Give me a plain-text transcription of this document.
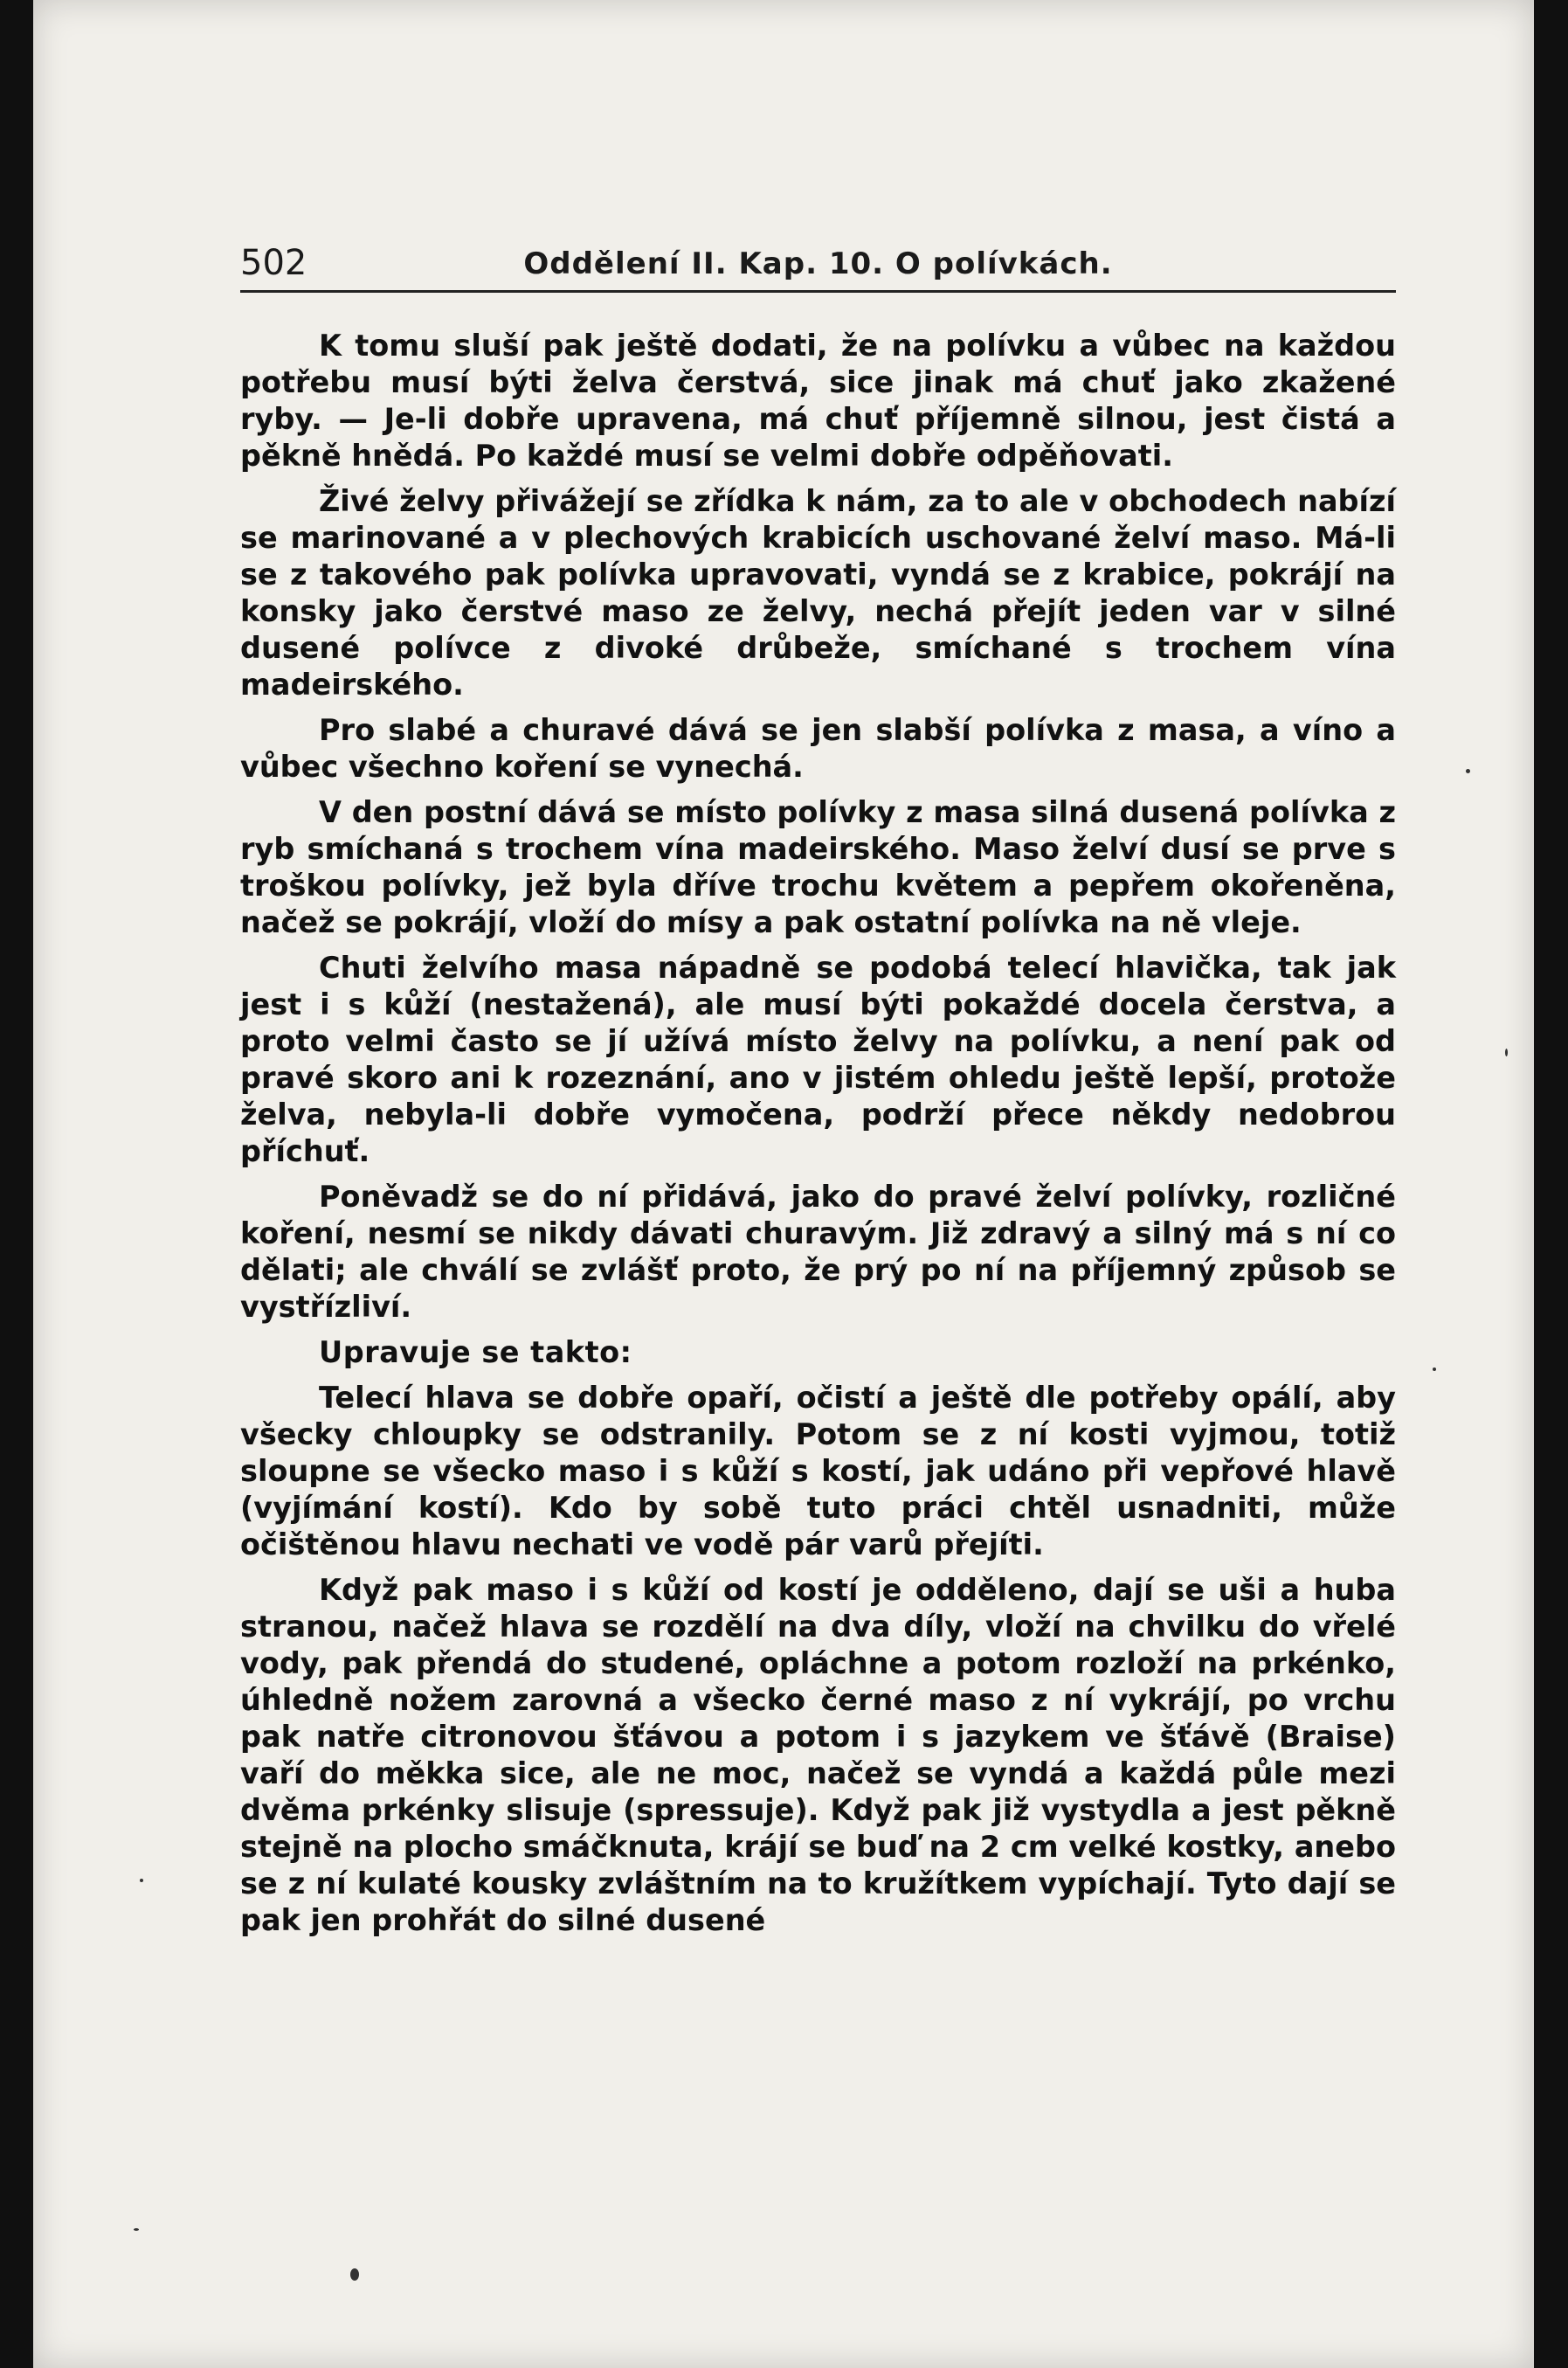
502	Oddělení II. Kap. 10. O polívkách.

K tomu sluší pak ještě dodati, že na polívku a vůbec na každou potřebu musí býti želva čerstvá, sice jinak má chuť jako zkažené ryby. — Je-li dobře upravena, má chuť příjemně silnou, jest čistá a pěkně hnědá. Po každé musí se velmi dobře odpěňovati.

Živé želvy přivážejí se zřídka k nám, za to ale v obchodech nabízí se marinované a v plechových krabicích uschované želví maso. Má-li se z takového pak polívka upravovati, vyndá se z krabice, pokrájí na konsky jako čerstvé maso ze želvy, nechá přejít jeden var v silné dusené polívce z divoké drůbeže, smíchané s trochem vína madeirského.

Pro slabé a churavé dává se jen slabší polívka z masa, a víno a vůbec všechno koření se vynechá.

V den postní dává se místo polívky z masa silná dusená polívka z ryb smíchaná s trochem vína madeirského. Maso želví dusí se prve s troškou polívky, jež byla dříve trochu květem a pepřem okořeněna, načež se pokrájí, vloží do mísy a pak ostatní polívka na ně vleje.

Chuti želvího masa nápadně se podobá telecí hlavička, tak jak jest i s kůží (nestažená), ale musí býti pokaždé docela čerstva, a proto velmi často se jí užívá místo želvy na polívku, a není pak od pravé skoro ani k rozeznání, ano v jistém ohledu ještě lepší, protože želva, nebyla-li dobře vymočena, podrží přece někdy nedobrou příchuť.

Poněvadž se do ní přidává, jako do pravé želví polívky, rozličné koření, nesmí se nikdy dávati churavým. Již zdravý a silný má s ní co dělati; ale chválí se zvlášť proto, že prý po ní na příjemný způsob se vystřízliví.

Upravuje se takto:

Telecí hlava se dobře opaří, očistí a ještě dle potřeby opálí, aby všecky chloupky se odstranily. Potom se z ní kosti vyjmou, totiž sloupne se všecko maso i s kůží s kostí, jak udáno při vepřové hlavě (vyjímání kostí). Kdo by sobě tuto práci chtěl usnadniti, může očištěnou hlavu nechati ve vodě pár varů přejíti.

Když pak maso i s kůží od kostí je odděleno, dají se uši a huba stranou, načež hlava se rozdělí na dva díly, vloží na chvilku do vřelé vody, pak přendá do studené, opláchne a potom rozloží na prkénko, úhledně nožem zarovná a všecko černé maso z ní vykrájí, po vrchu pak natře citronovou šťávou a potom i s jazykem ve šťávě (Braise) vaří do měkka sice, ale ne moc, načež se vyndá a každá půle mezi dvěma prkénky slisuje (spressuje). Když pak již vystydla a jest pěkně stejně na plocho smáčknuta, krájí se buď na 2 cm velké kostky, anebo se z ní kulaté kousky zvláštním na to kružítkem vypíchají. Tyto dají se pak jen prohřát do silné dusené
